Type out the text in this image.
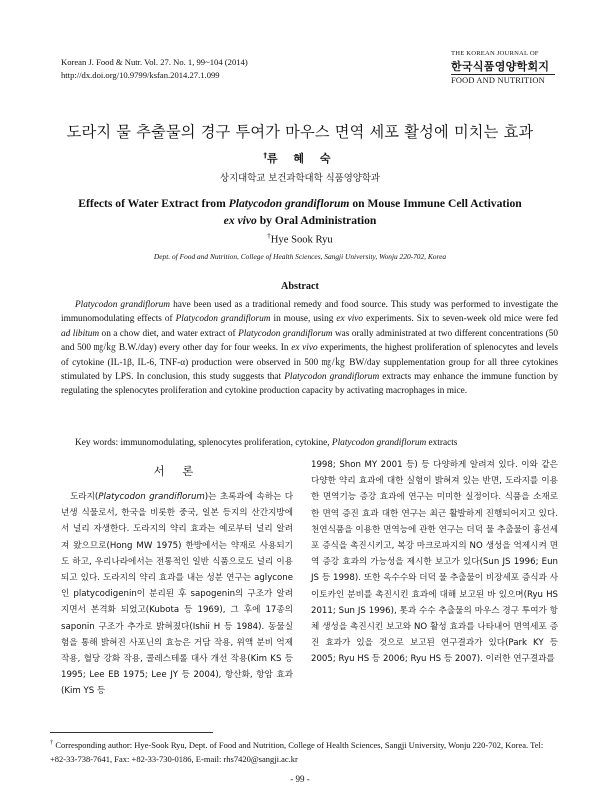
Korean J. Food & Nutr. Vol. 27. No. 1, 99~104 (2014)
http://dx.doi.org/10.9799/ksfan.2014.27.1.099
THE KOREAN JOURNAL OF
한국식품영양학회지
FOOD AND NUTRITION
도라지 물 추출물의 경구 투여가 마우스 면역 세포 활성에 미치는 효과
†류 혜 숙
상지대학교 보건과학대학 식품영양학과
Effects of Water Extract from Platycodon grandiflorum on Mouse Immune Cell Activation
ex vivo by Oral Administration
†Hye Sook Ryu
Dept. of Food and Nutrition, College of Health Sciences, Sangji University, Wonju 220-702, Korea
Abstract
Platycodon grandiflorum have been used as a traditional remedy and food source. This study was performed to investigate the immunomodulating effects of Platycodon grandiflorum in mouse, using ex vivo experiments. Six to seven-week old mice were fed ad libitum on a chow diet, and water extract of Platycodon grandiflorum was orally administrated at two different concentrations (50 and 500 ㎎/㎏ B.W./day) every other day for four weeks. In ex vivo experiments, the highest proliferation of splenocytes and levels of cytokine (IL-1β, IL-6, TNF-α) production were observed in 500 ㎎/㎏ BW/day supplementation group for all three cytokines stimulated by LPS. In conclusion, this study suggests that Platycodon grandiflorum extracts may enhance the immune function by regulating the splenocytes proliferation and cytokine production capacity by activating macrophages in mice.
Key words: immunomodulating, splenocytes proliferation, cytokine, Platycodon grandiflorum extracts
서 론
도라지(Platycodon grandiflorum)는 초록과에 속하는 다년생 식물로서, 한국을 비롯한 중국, 일본 등지의 산간지방에서 널리 자생한다. 도라지의 약리 효과는 예로부터 널리 알려져 왔으므로(Hong MW 1975) 한방에서는 약재로 사용되기도 하고, 우리나라에서는 전통적인 일반 식품으로도 널리 이용되고 있다. 도라지의 약리 효과를 내는 성분 연구는 aglycone인 platycodigenin이 분리된 후 sapogenin의 구조가 알려지면서 본격화 되었고(Kubota 등 1969), 그 후에 17종의 saponin 구조가 추가로 밝혀졌다(Ishii H 등 1984). 동물실험을 통해 밝혀진 사포닌의 효능은 거담 작용, 위액 분비 억제 작용, 혈당 강화 작용, 콜레스테롤 대사 개선 작용(Kim KS 등 1995; Lee EB 1975; Lee JY 등 2004), 항산화, 항암 효과(Kim YS 등
1998; Shon MY 2001 등) 등 다양하게 알려져 있다. 이와 같은 다양한 약리 효과에 대한 실험이 밝혀져 있는 반면, 도라지를 이용한 면역기능 증강 효과에 연구는 미미한 실정이다. 식품을 소재로 한 면역 증진 효과 대한 연구는 최근 활발하게 진행되어지고 있다. 천연식품을 이용한 면역능에 관한 연구는 더덕 물 추출물이 흉선세포 증식을 촉진시키고, 복강 마크로파지의 NO 생성을 억제시켜 면역 증강 효과의 가능성을 제시한 보고가 있다(Sun JS 1996; Eun JS 등 1998). 또한 옥수수와 더덕 물 추출물이 비장세포 증식과 사이토카인 분비를 촉진시킨 효과에 대해 보고된 바 있으며(Ryu HS 2011; Sun JS 1996), 톳과 수수 추출물의 마우스 경구 투여가 항체 생성을 촉진시킨 보고와 NO 활성 효과를 나타내어 면역세포 증진 효과가 있을 것으로 보고된 연구결과가 있다(Park KY 등 2005; Ryu HS 등 2006; Ryu HS 등 2007). 이러한 연구결과를
† Corresponding author: Hye-Sook Ryu, Dept. of Food and Nutrition, College of Health Sciences, Sangji University, Wonju 220-702, Korea. Tel: +82-33-738-7641, Fax: +82-33-730-0186, E-mail: rhs7420@sangji.ac.kr
- 99 -
